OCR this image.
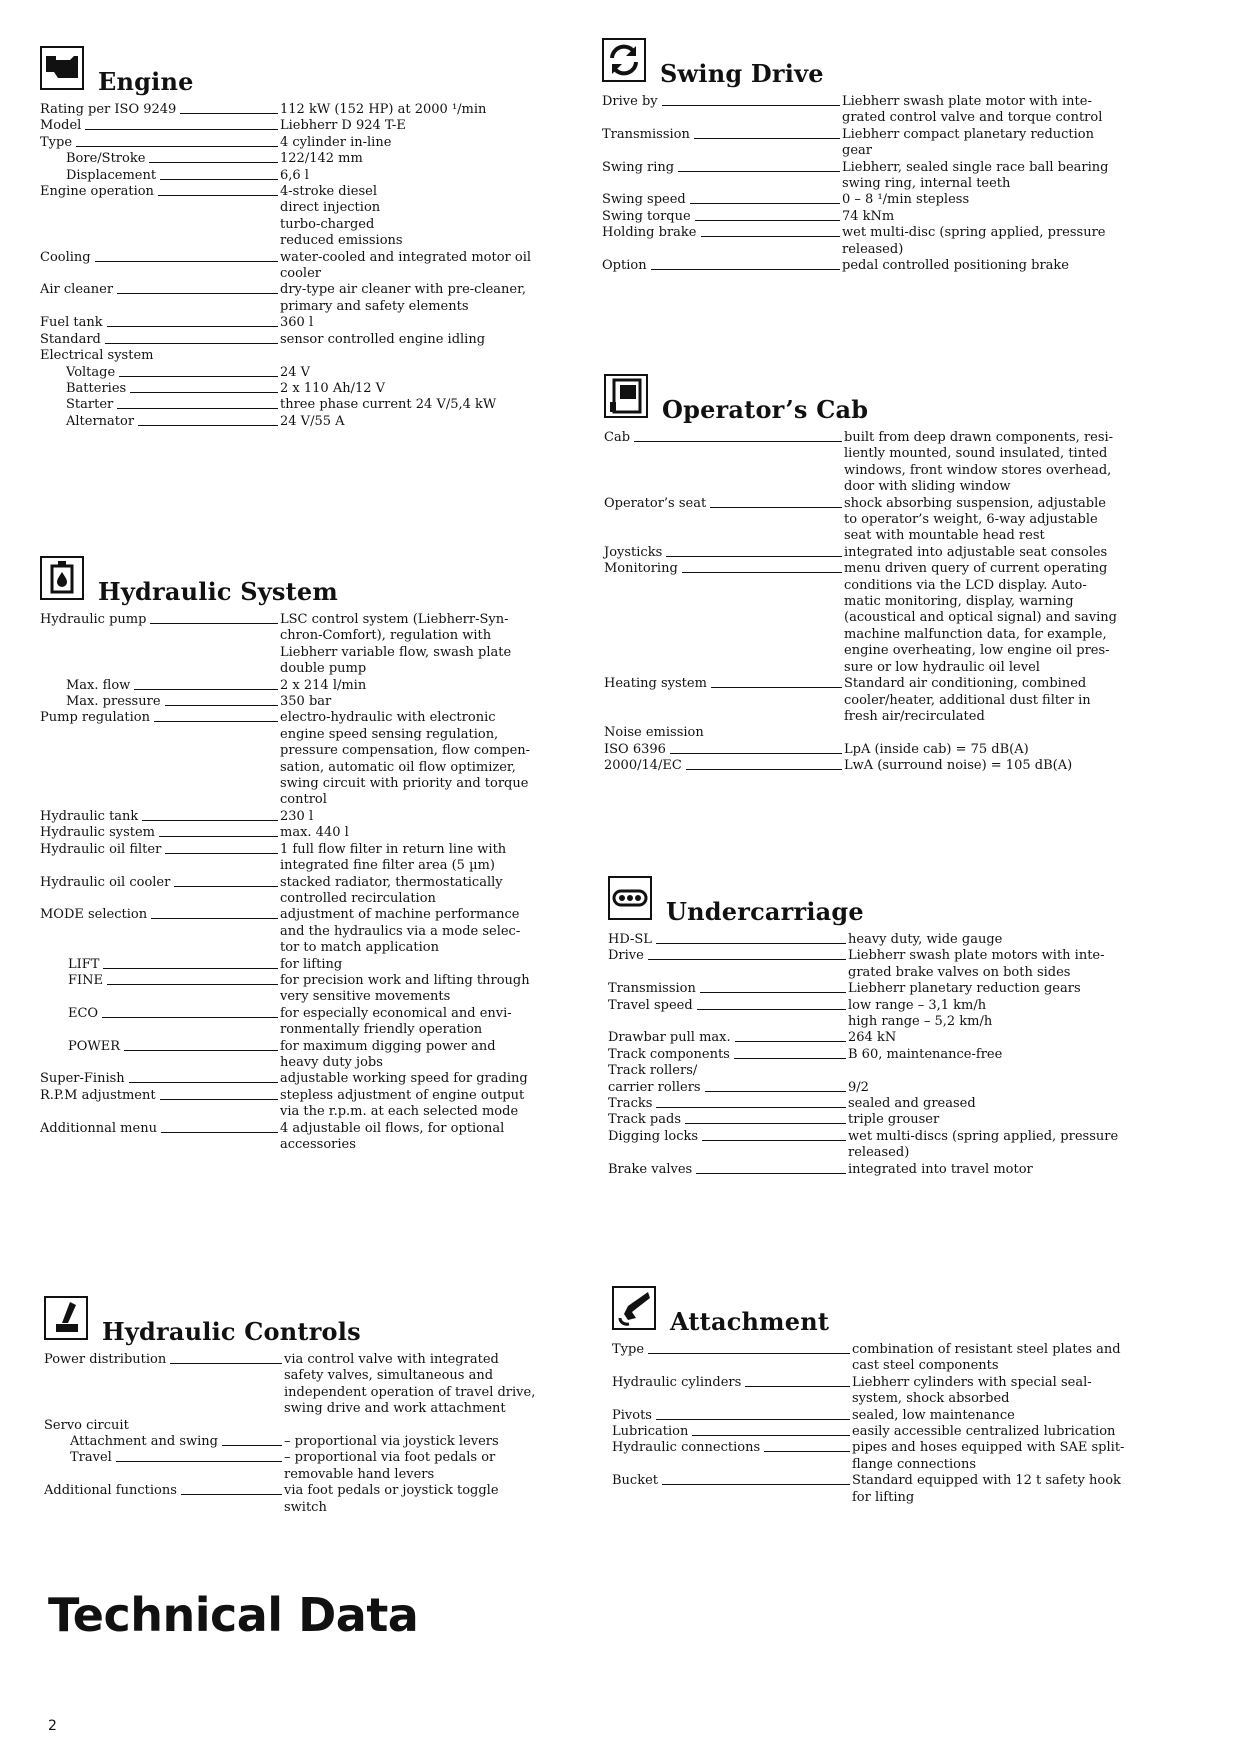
Engine
Rating per ISO 9249	112 kW (152 HP) at 2000 ¹/min
Model	Liebherr D 924 T-E
Type	4 cylinder in-line
Bore/Stroke	122/142 mm
Displacement	6,6 l
Engine operation	4-stroke diesel
direct injection
turbo-charged
reduced emissions
Cooling	water-cooled and integrated motor oil
cooler
Air cleaner	dry-type air cleaner with pre-cleaner,
primary and safety elements
Fuel tank	360 l
Standard	sensor controlled engine idling
Electrical system

Voltage	24 V
Batteries	2 x 110 Ah/12 V
Starter	three phase current 24 V/5,4 kW
Alternator	24 V/55 A
Swing Drive
Drive by	Liebherr swash plate motor with inte-
grated control valve and torque control
Transmission	Liebherr compact planetary reduction
gear
Swing ring	Liebherr, sealed single race ball bearing
swing ring, internal teeth
Swing speed	0 – 8 ¹/min stepless
Swing torque	74 kNm
Holding brake	wet multi-disc (spring applied, pressure
released)
Option	pedal controlled positioning brake
Hydraulic System
Hydraulic pump	LSC control system (Liebherr-Syn-
chron-Comfort), regulation with
Liebherr variable flow, swash plate
double pump
Max. flow	2 x 214 l/min
Max. pressure	350 bar
Pump regulation	electro-hydraulic with electronic
engine speed sensing regulation,
pressure compensation, flow compen-
sation, automatic oil flow optimizer,
swing circuit with priority and torque
control
Hydraulic tank	230 l
Hydraulic system	max. 440 l
Hydraulic oil filter	1 full flow filter in return line with
integrated fine filter area (5 µm)
Hydraulic oil cooler	stacked radiator, thermostatically
controlled recirculation
MODE selection	adjustment of machine performance
and the hydraulics via a mode selec-
tor to match application
LIFT	for lifting
FINE	for precision work and lifting through
very sensitive movements
ECO	for especially economical and envi-
ronmentally friendly operation
POWER	for maximum digging power and
heavy duty jobs
Super-Finish	adjustable working speed for grading
R.P.M adjustment	stepless adjustment of engine output
via the r.p.m. at each selected mode
Additionnal menu	4 adjustable oil flows, for optional
accessories
Operator’s Cab
Cab	built from deep drawn components, resi-
liently mounted, sound insulated, tinted
windows, front window stores overhead,
door with sliding window
Operator’s seat	shock absorbing suspension, adjustable
to operator’s weight, 6-way adjustable
seat with mountable head rest
Joysticks	integrated into adjustable seat consoles
Monitoring	menu driven query of current operating
conditions via the LCD display. Auto-
matic monitoring, display, warning
(acoustical and optical signal) and saving
machine malfunction data, for example,
engine overheating, low engine oil pres-
sure or low hydraulic oil level
Heating system	Standard air conditioning, combined
cooler/heater, additional dust filter in
fresh air/recirculated
Noise emission

ISO 6396	LpA (inside cab) = 75 dB(A)
2000/14/EC	LwA (surround noise) = 105 dB(A)
Undercarriage
HD-SL	heavy duty, wide gauge
Drive	Liebherr swash plate motors with inte-
grated brake valves on both sides
Transmission	Liebherr planetary reduction gears
Travel speed	low range – 3,1 km/h
high range – 5,2 km/h
Drawbar pull max.	264 kN
Track components	B 60, maintenance-free
Track rollers/

carrier rollers	9/2
Tracks	sealed and greased
Track pads	triple grouser
Digging locks	wet multi-discs (spring applied, pressure
released)
Brake valves	integrated into travel motor
Hydraulic Controls
Power distribution	via control valve with integrated
safety valves, simultaneous and
independent operation of travel drive,
swing drive and work attachment
Servo circuit

Attachment and swing	– proportional via joystick levers
Travel	– proportional via foot pedals or
removable hand levers
Additional functions	via foot pedals or joystick toggle
switch
Attachment
Type	combination of resistant steel plates and
cast steel components
Hydraulic cylinders	Liebherr cylinders with special seal-
system, shock absorbed
Pivots	sealed, low maintenance
Lubrication	easily accessible centralized lubrication
Hydraulic connections	pipes and hoses equipped with SAE split-
flange connections
Bucket	Standard equipped with 12 t safety hook
for lifting
Technical Data
2
